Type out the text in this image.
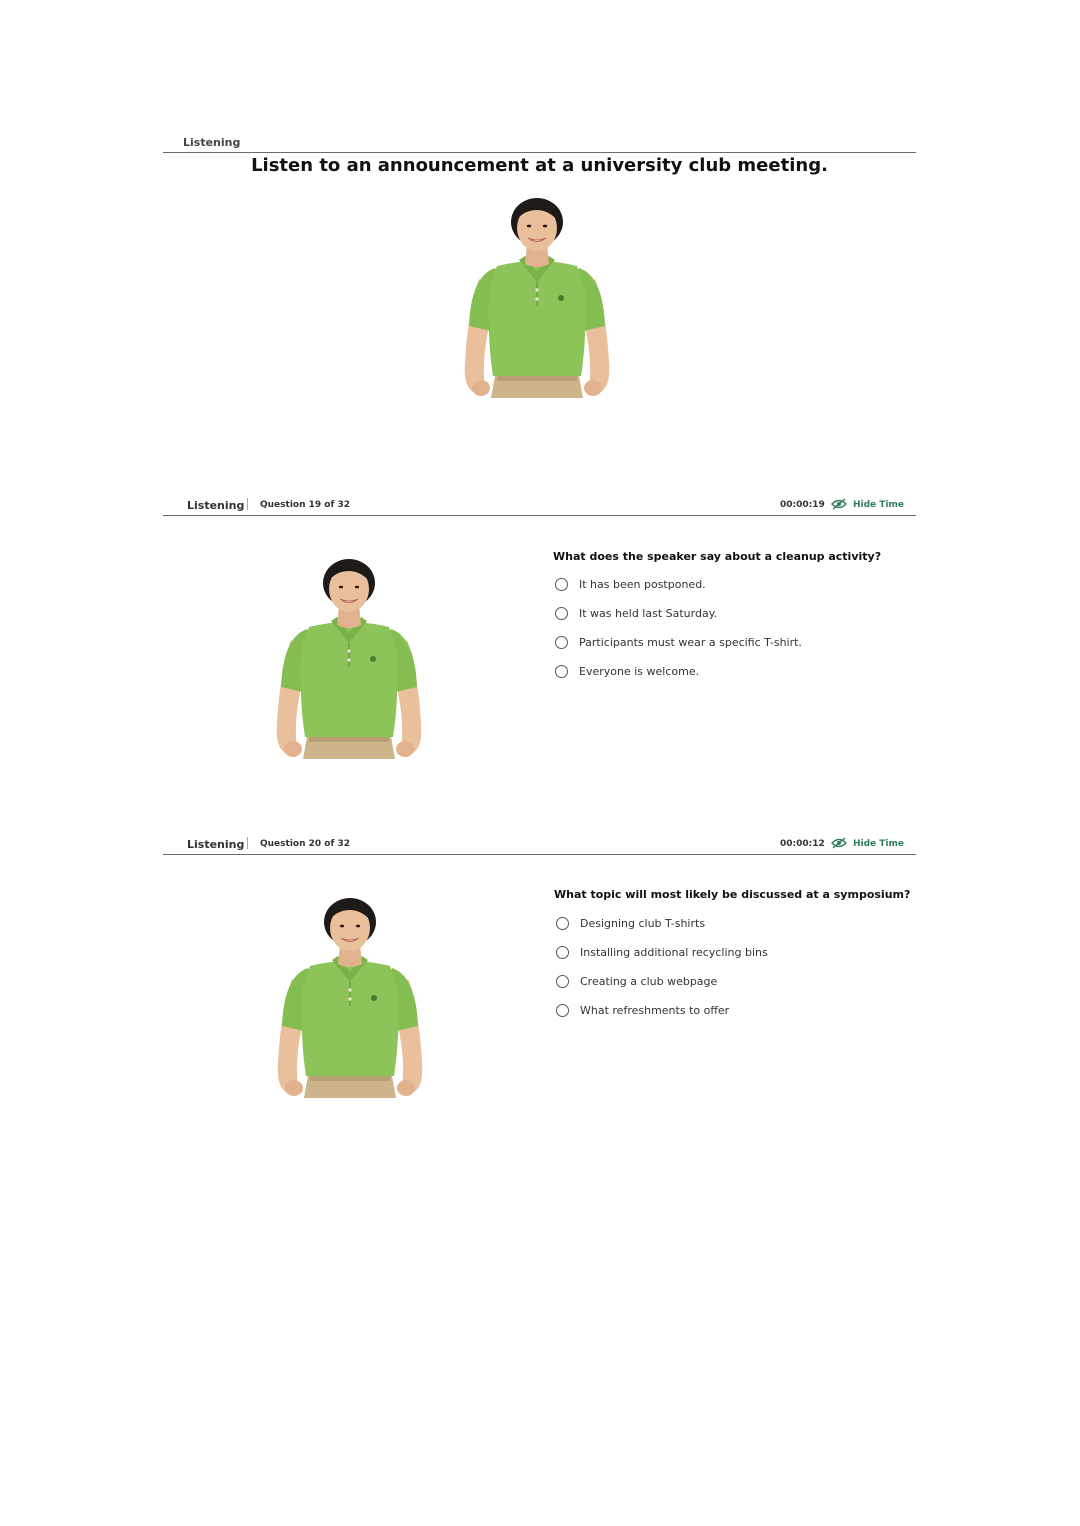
Listening
Listen to an announcement at a university club meeting.
Listening Question 19 of 32	00:00:19	Hide Time
What does the speaker say about a cleanup activity?
It has been postponed.
It was held last Saturday.
Participants must wear a specific T-shirt.
Everyone is welcome.
Listening Question 20 of 32	00:00:12	Hide Time
What topic will most likely be discussed at a symposium?
Designing club T-shirts
Installing additional recycling bins
Creating a club webpage
What refreshments to offer
